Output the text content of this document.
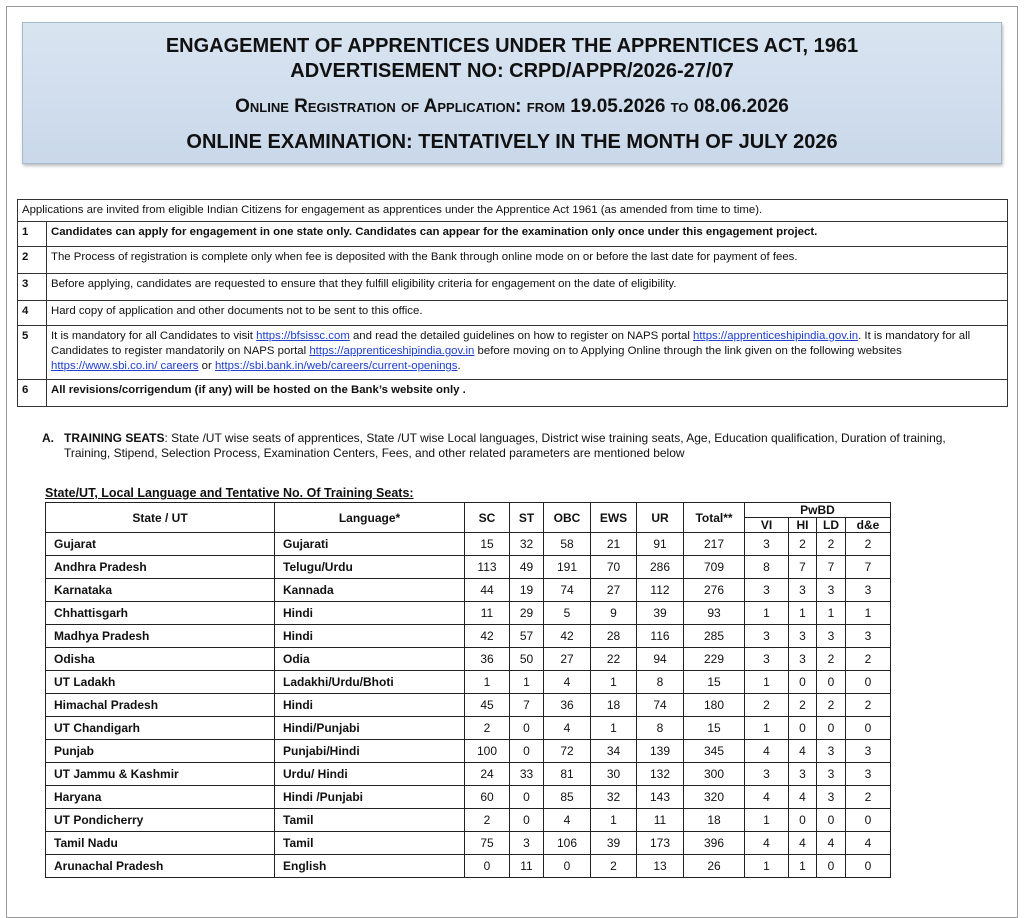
ENGAGEMENT OF APPRENTICES UNDER THE APPRENTICES ACT, 1961
ADVERTISEMENT NO: CRPD/APPR/2026-27/07
Online Registration of Application: from 19.05.2026 to 08.06.2026
ONLINE EXAMINATION: TENTATIVELY IN THE MONTH OF JULY 2026
Applications are invited from eligible Indian Citizens for engagement as apprentices under the Apprentice Act 1961 (as amended from time to time).	
1	Candidates can apply for engagement in one state only. Candidates can appear for the examination only once under this engagement project.
2	The Process of registration is complete only when fee is deposited with the Bank through online mode on or before the last date for payment of fees.
3	Before applying, candidates are requested to ensure that they fulfill eligibility criteria for engagement on the date of eligibility.
4	Hard copy of application and other documents not to be sent to this office.
5	It is mandatory for all Candidates to visit https://bfsissc.com and read the detailed guidelines on how to register on NAPS portal https://apprenticeshipindia.gov.in. It is mandatory for all Candidates to register mandatorily on NAPS portal https://apprenticeshipindia.gov.in before moving on to Applying Online through the link given on the following websites https://www.sbi.co.in/ careers or https://sbi.bank.in/web/careers/current-openings.
6	All revisions/corrigendum (if any) will be hosted on the Bank’s website only .
A. TRAINING SEATS: State /UT wise seats of apprentices, State /UT wise Local languages, District wise training seats, Age, Education qualification, Duration of training, Training, Stipend, Selection Process, Examination Centers, Fees, and other related parameters are mentioned below
State/UT, Local Language and Tentative No. Of Training Seats:
State / UT	Language*	SC	ST	OBC	EWS	UR	Total**	PwBD			
								VI	HI	LD	d&e
Gujarat	Gujarati	15	32	58	21	91	217	3	2	2	2
Andhra Pradesh	Telugu/Urdu	113	49	191	70	286	709	8	7	7	7
Karnataka	Kannada	44	19	74	27	112	276	3	3	3	3
Chhattisgarh	Hindi	11	29	5	9	39	93	1	1	1	1
Madhya Pradesh	Hindi	42	57	42	28	116	285	3	3	3	3
Odisha	Odia	36	50	27	22	94	229	3	3	2	2
UT Ladakh	Ladakhi/Urdu/Bhoti	1	1	4	1	8	15	1	0	0	0
Himachal Pradesh	Hindi	45	7	36	18	74	180	2	2	2	2
UT Chandigarh	Hindi/Punjabi	2	0	4	1	8	15	1	0	0	0
Punjab	Punjabi/Hindi	100	0	72	34	139	345	4	4	3	3
UT Jammu & Kashmir	Urdu/ Hindi	24	33	81	30	132	300	3	3	3	3
Haryana	Hindi /Punjabi	60	0	85	32	143	320	4	4	3	2
UT Pondicherry	Tamil	2	0	4	1	11	18	1	0	0	0
Tamil Nadu	Tamil	75	3	106	39	173	396	4	4	4	4
Arunachal Pradesh	English	0	11	0	2	13	26	1	1	0	0
